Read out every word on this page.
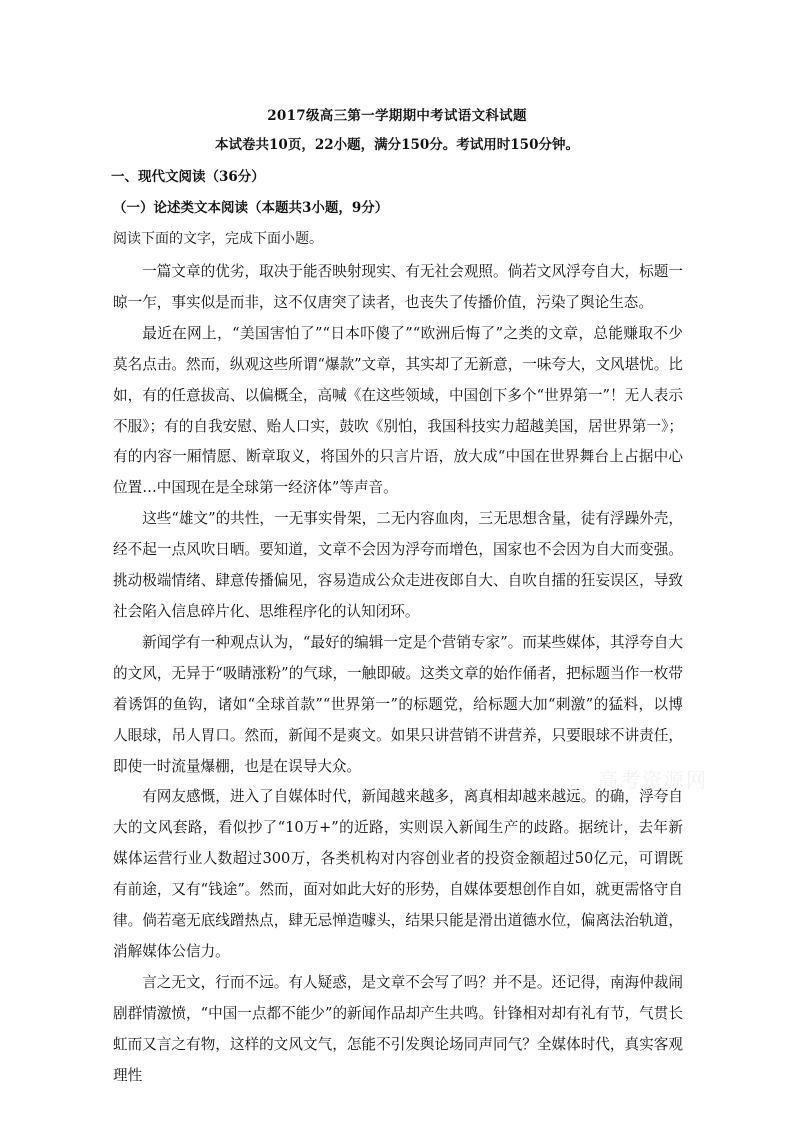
2017级高三第一学期期中考试语文科试题
本试卷共10页，22小题，满分150分。考试用时150分钟。
一、现代文阅读（36分）
（一）论述类文本阅读（本题共3小题，9分）
阅读下面的文字，完成下面小题。

一篇文章的优劣，取决于能否映射现实、有无社会观照。倘若文风浮夸自大，标题一晾一乍，事实似是而非，这不仅唐突了读者，也丧失了传播价值，污染了舆论生态。

最近在网上，“美国害怕了”“日本吓傻了”“欧洲后悔了”之类的文章，总能赚取不少莫名点击。然而，纵观这些所谓“爆款”文章，其实却了无新意，一味夸大，文风堪忧。比如，有的任意拔高、以偏概全，高喊《在这些领域，中国创下多个“世界第一”！无人表示不服》；有的自我安慰、贻人口实，鼓吹《别怕，我国科技实力超越美国，居世界第一》；有的内容一厢情愿、断章取义，将国外的只言片语，放大成“中国在世界舞台上占据中心位置…中国现在是全球第一经济体”等声音。

这些“雄文”的共性，一无事实骨架，二无内容血肉，三无思想含量，徒有浮躁外壳，经不起一点风吹日晒。要知道，文章不会因为浮夸而增色，国家也不会因为自大而变强。挑动极端情绪、肆意传播偏见，容易造成公众走进夜郎自大、自吹自擂的狂妄误区，导致社会陷入信息碎片化、思维程序化的认知闭环。

新闻学有一种观点认为，“最好的编辑一定是个营销专家”。而某些媒体，其浮夸自大的文风，无异于“吸睛涨粉”的气球，一触即破。这类文章的始作俑者，把标题当作一枚带着诱饵的鱼钩，诸如“全球首款”“世界第一”的标题党，给标题大加“刺激”的猛料，以博人眼球，吊人胃口。然而，新闻不是爽文。如果只讲营销不讲营养，只要眼球不讲责任，即使一时流量爆棚，也是在误导大众。

有网友感慨，进入了自媒体时代，新闻越来越多，离真相却越来越远。的确，浮夸自大的文风套路，看似抄了“10万+”的近路，实则误入新闻生产的歧路。据统计，去年新媒体运营行业人数超过300万，各类机构对内容创业者的投资金额超过50亿元，可谓既有前途，又有“钱途”。然而，面对如此大好的形势，自媒体要想创作自如，就更需恪守自律。倘若毫无底线蹭热点，肆无忌惮造噱头，结果只能是滑出道德水位，偏离法治轨道，消解媒体公信力。

言之无文，行而不远。有人疑惑，是文章不会写了吗？并不是。还记得，南海仲裁闹剧群情激愤，“中国一点都不能少”的新闻作品却产生共鸣。针锋相对却有礼有节，气贯长虹而又言之有物，这样的文风文气，怎能不引发舆论场同声同气？全媒体时代，真实客观理性

高考资源网
